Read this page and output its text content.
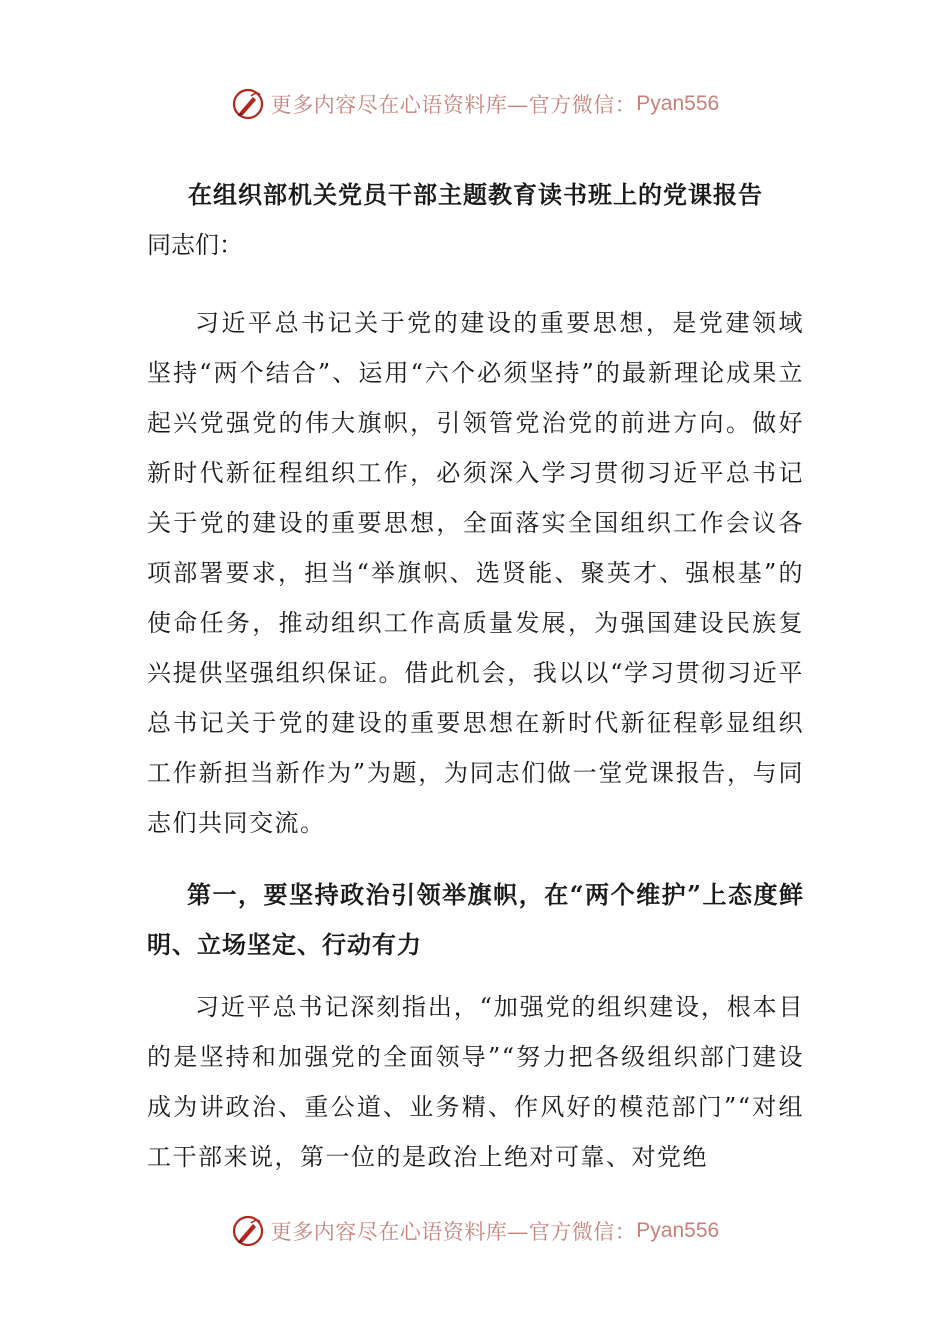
更多内容尽在心语资料库—官方微信： Pyan556

在组织部机关党员干部主题教育读书班上的党课报告

同志们：

习近平总书记关于党的建设的重要思想，是党建领域坚持“两个结合”、运用“六个必须坚持”的最新理论成果立起兴党强党的伟大旗帜，引领管党治党的前进方向。做好新时代新征程组织工作，必须深入学习贯彻习近平总书记关于党的建设的重要思想，全面落实全国组织工作会议各项部署要求，担当“举旗帜、选贤能、聚英才、强根基”的使命任务，推动组织工作高质量发展，为强国建设民族复兴提供坚强组织保证。借此机会，我以以“学习贯彻习近平总书记关于党的建设的重要思想在新时代新征程彰显组织工作新担当新作为”为题，为同志们做一堂党课报告，与同志们共同交流。

第一，要坚持政治引领举旗帜，在“两个维护”上态度鲜明、立场坚定、行动有力

习近平总书记深刻指出，“加强党的组织建设，根本目的是坚持和加强党的全面领导”“努力把各级组织部门建设成为讲政治、重公道、业务精、作风好的模范部门”“对组工干部来说，第一位的是政治上绝对可靠、对党绝

更多内容尽在心语资料库—官方微信： Pyan556
